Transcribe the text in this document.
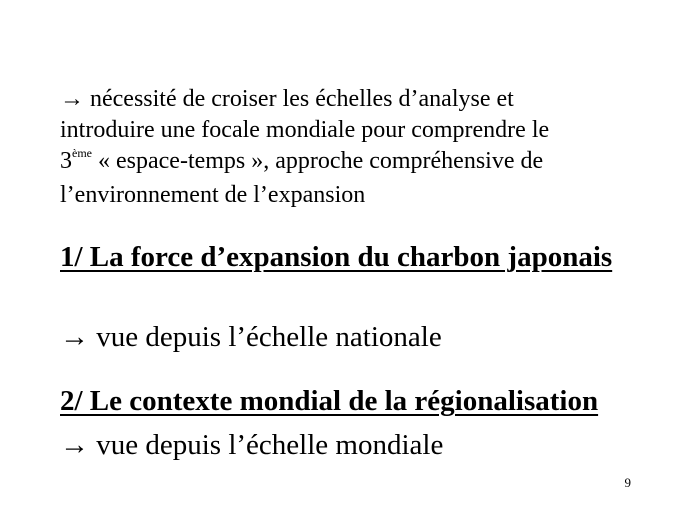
→ nécessité de croiser les échelles d’analyse et
introduire une focale mondiale pour comprendre le
3ème « espace-temps », approche compréhensive de
l’environnement de l’expansion
1/ La force d’expansion du charbon japonais
→ vue depuis l’échelle nationale
2/ Le contexte mondial de la régionalisation
→ vue depuis l’échelle mondiale
9
